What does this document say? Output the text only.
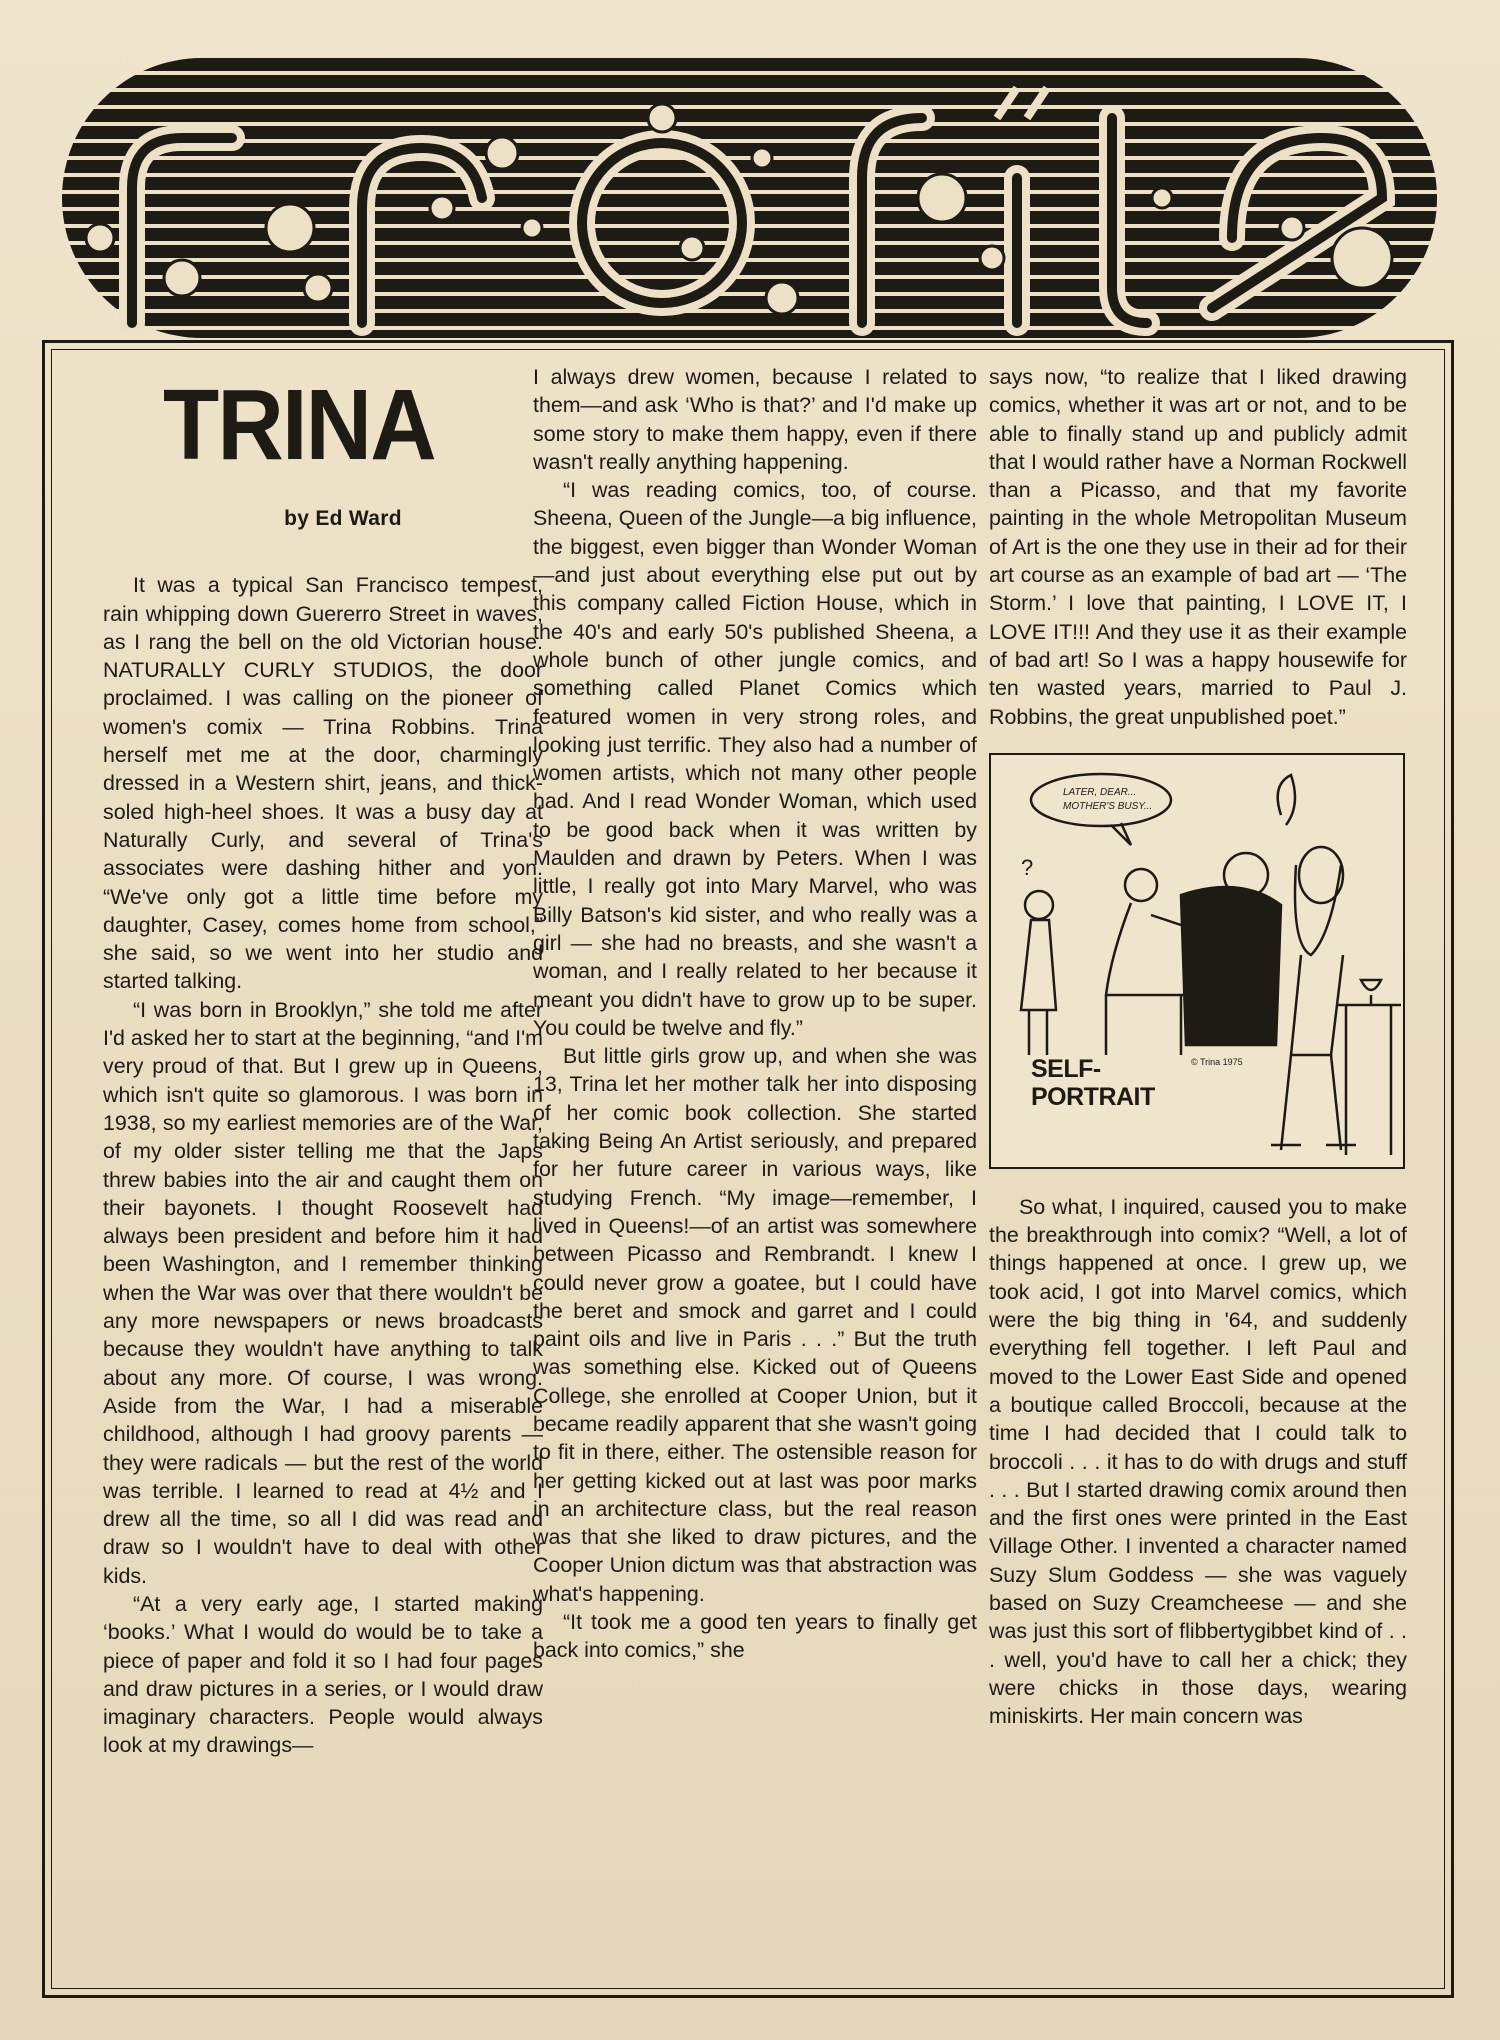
TRINA
by Ed Ward

It was a typical San Francisco tempest, rain whipping down Guererro Street in waves, as I rang the bell on the old Victorian house. NATURALLY CURLY STUDIOS, the door proclaimed. I was calling on the pioneer of women's comix — Trina Robbins. Trina herself met me at the door, charmingly dressed in a Western shirt, jeans, and thick-soled high-heel shoes. It was a busy day at Naturally Curly, and several of Trina's associates were dashing hither and yon. “We've only got a little time before my daughter, Casey, comes home from school,” she said, so we went into her studio and started talking.

“I was born in Brooklyn,” she told me after I'd asked her to start at the beginning, “and I'm very proud of that. But I grew up in Queens, which isn't quite so glamorous. I was born in 1938, so my earliest memories are of the War, of my older sister telling me that the Japs threw babies into the air and caught them on their bayonets. I thought Roosevelt had always been president and before him it had been Washington, and I remember thinking when the War was over that there wouldn't be any more newspapers or news broadcasts because they wouldn't have anything to talk about any more. Of course, I was wrong. Aside from the War, I had a miserable childhood, although I had groovy parents — they were radicals — but the rest of the world was terrible. I learned to read at 4½ and I drew all the time, so all I did was read and draw so I wouldn't have to deal with other kids.

“At a very early age, I started making ‘books.’ What I would do would be to take a piece of paper and fold it so I had four pages and draw pictures in a series, or I would draw imaginary characters. People would always look at my drawings—

I always drew women, because I related to them—and ask ‘Who is that?’ and I'd make up some story to make them happy, even if there wasn't really anything happening.

“I was reading comics, too, of course. Sheena, Queen of the Jungle—a big influence, the biggest, even bigger than Wonder Woman—and just about everything else put out by this company called Fiction House, which in the 40's and early 50's published Sheena, a whole bunch of other jungle comics, and something called Planet Comics which featured women in very strong roles, and looking just terrific. They also had a number of women artists, which not many other people had. And I read Wonder Woman, which used to be good back when it was written by Maulden and drawn by Peters. When I was little, I really got into Mary Marvel, who was Billy Batson's kid sister, and who really was a girl — she had no breasts, and she wasn't a woman, and I really related to her because it meant you didn't have to grow up to be super. You could be twelve and fly.”

But little girls grow up, and when she was 13, Trina let her mother talk her into disposing of her comic book collection. She started taking Being An Artist seriously, and prepared for her future career in various ways, like studying French. “My image—remember, I lived in Queens!—of an artist was somewhere between Picasso and Rembrandt. I knew I could never grow a goatee, but I could have the beret and smock and garret and I could paint oils and live in Paris . . .” But the truth was something else. Kicked out of Queens College, she enrolled at Cooper Union, but it became readily apparent that she wasn't going to fit in there, either. The ostensible reason for her getting kicked out at last was poor marks in an architecture class, but the real reason was that she liked to draw pictures, and the Cooper Union dictum was that abstraction was what's happening.

“It took me a good ten years to finally get back into comics,” she

says now, “to realize that I liked drawing comics, whether it was art or not, and to be able to finally stand up and publicly admit that I would rather have a Norman Rockwell than a Picasso, and that my favorite painting in the whole Metropolitan Museum of Art is the one they use in their ad for their art course as an example of bad art — ‘The Storm.’ I love that painting, I LOVE IT, I LOVE IT!!! And they use it as their example of bad art! So I was a happy housewife for ten wasted years, married to Paul J. Robbins, the great unpublished poet.”

?
LATER, DEAR...
MOTHER'S BUSY...
© Trina 1975
SELF-
PORTRAIT

So what, I inquired, caused you to make the breakthrough into comix? “Well, a lot of things happened at once. I grew up, we took acid, I got into Marvel comics, which were the big thing in '64, and suddenly everything fell together. I left Paul and moved to the Lower East Side and opened a boutique called Broccoli, because at the time I had decided that I could talk to broccoli . . . it has to do with drugs and stuff . . . But I started drawing comix around then and the first ones were printed in the East Village Other. I invented a character named Suzy Slum Goddess — she was vaguely based on Suzy Creamcheese — and she was just this sort of flibbertygibbet kind of . . . well, you'd have to call her a chick; they were chicks in those days, wearing miniskirts. Her main concern was
